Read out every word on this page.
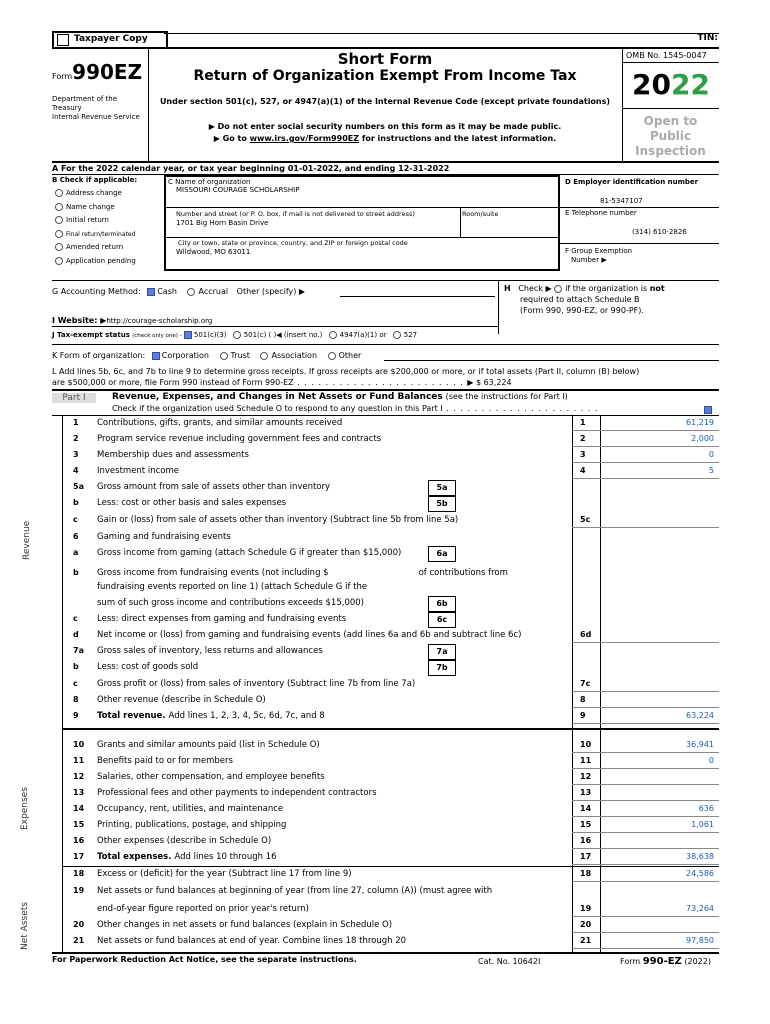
Taxpayer Copy	TIN:
Form990EZ
Department of the Treasury
Internal Revenue Service
Short Form
Return of Organization Exempt From Income Tax
Under section 501(c), 527, or 4947(a)(1) of the Internal Revenue Code (except private foundations)
▶ Do not enter social security numbers on this form as it may be made public.
▶ Go to www.irs.gov/Form990EZ for instructions and the latest information.
OMB No. 1545-0047
2022
Open to
Public
Inspection
A For the 2022 calendar year, or tax year beginning 01-01-2022, and ending 12-31-2022
B Check if applicable:
Address change
Name change
Initial return
Final return/terminated
Amended return
Application pending
C Name of organization
MISSOURI COURAGE SCHOLARSHIP
Number and street (or P. O. box, if mail is not delivered to street address)	Room/suite
1701 Big Horn Basin Drive
City or town, state or province, country, and ZIP or foreign postal code
Wildwood, MO 63011
D Employer identification number
81-5347107
E Telephone number
(314) 610-2826
F Group Exemption
Number ▶
G Accounting Method: Cash	Accrual Other (specify) ▶	H Check ▶ if the organization is not
required to attach Schedule B
(Form 990, 990-EZ, or 990-PF).
I Website: ▶http://courage-scholarship.org
J Tax-exempt status (check only one) - 501(c)(3) 501(c) ( )◀ (insert no.) 4947(a)(1) or 527
K Form of organization: Corporation	Trust	Association	Other
L Add lines 5b, 6c, and 7b to line 9 to determine gross receipts. If gross receipts are $200,000 or more, or if total assets (Part II, column (B) below)
are $500,000 or more, file Form 990 instead of Form 990-EZ . . . . . . . . . . . . . . . . . . . . . . . . ▶ $ 63,224
Part I	Revenue, Expenses, and Changes in Net Assets or Fund Balances (see the instructions for Part I)
Check if the organization used Schedule O to respond to any question in this Part I . . . . . . . . . . . . . . . . . . . . . .
Revenue
Expenses
Net Assets
1 Contributions, gifts, grants, and similar amounts received	1	61,219
2 Program service revenue including government fees and contracts	2	2,000
3 Membership dues and assessments	3	0
4 Investment income	4	5
5a Gross amount from sale of assets other than inventory	5a
b Less: cost or other basis and sales expenses	5b
c Gain or (loss) from sale of assets other than inventory (Subtract line 5b from line 5a)	5c
6 Gaming and fundraising events
a Gross income from gaming (attach Schedule G if greater than $15,000)	6a
b Gross income from fundraising events (not including $	of contributions from
fundraising events reported on line 1) (attach Schedule G if the
sum of such gross income and contributions exceeds $15,000)	6b
c Less: direct expenses from gaming and fundraising events	6c
d Net income or (loss) from gaming and fundraising events (add lines 6a and 6b and subtract line 6c)	6d
7a Gross sales of inventory, less returns and allowances	7a
b Less: cost of goods sold	7b
c Gross profit or (loss) from sales of inventory (Subtract line 7b from line 7a)	7c
8 Other revenue (describe in Schedule O)	8
9 Total revenue. Add lines 1, 2, 3, 4, 5c, 6d, 7c, and 8	9	63,224
10 Grants and similar amounts paid (list in Schedule O)	10	36,941
11 Benefits paid to or for members	11	0
12 Salaries, other compensation, and employee benefits	12
13 Professional fees and other payments to independent contractors	13
14 Occupancy, rent, utilities, and maintenance	14	636
15 Printing, publications, postage, and shipping	15	1,061
16 Other expenses (describe in Schedule O)	16
17 Total expenses. Add lines 10 through 16	17	38,638
18 Excess or (deficit) for the year (Subtract line 17 from line 9)	18	24,586
19 Net assets or fund balances at beginning of year (from line 27, column (A)) (must agree with
end-of-year figure reported on prior year's return)	19	73,264
20 Other changes in net assets or fund balances (explain in Schedule O)	20
21 Net assets or fund balances at end of year. Combine lines 18 through 20	21	97,850
For Paperwork Reduction Act Notice, see the separate instructions.	Cat. No. 10642I	Form 990-EZ (2022)
